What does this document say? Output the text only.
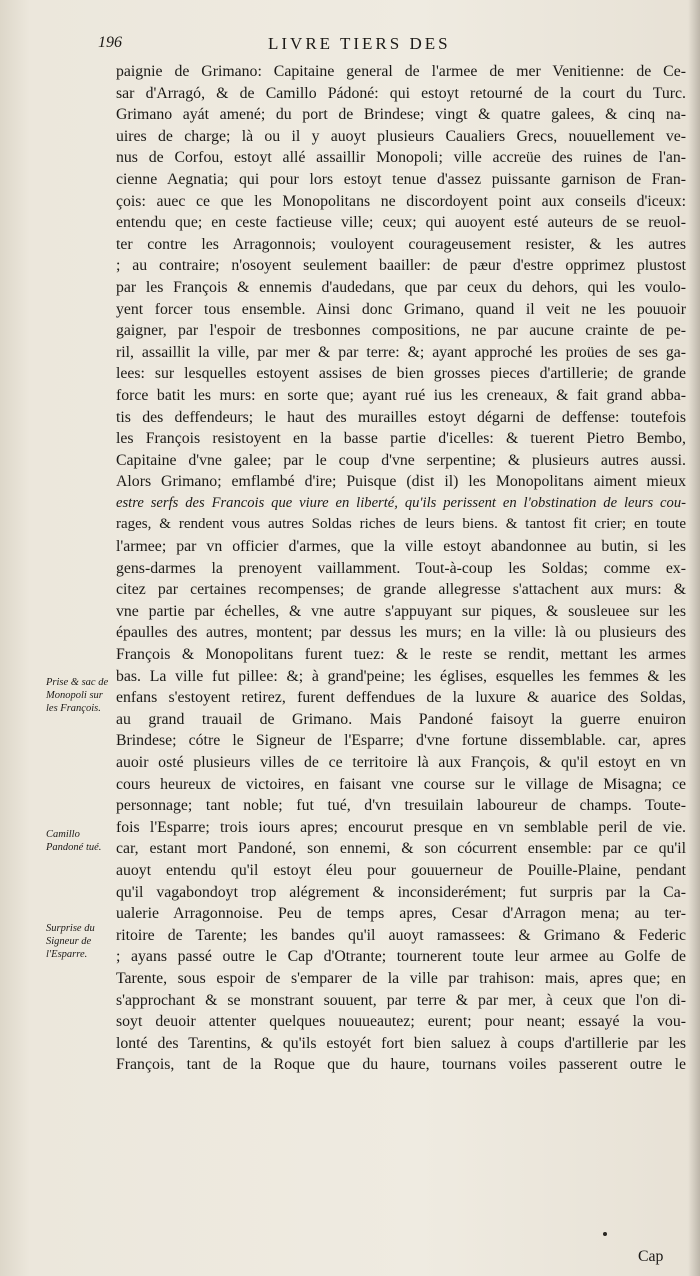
196	LIVRE TIERS DES
paignie de Grimano: Capitaine general de l'armee de mer Venitienne: de Ce-
sar d'Arragó, & de Camillo Pádoné: qui estoyt retourné de la court du Turc.
Grimano ayát amené; du port de Brindese; vingt & quatre galees, & cinq na-
uires de charge; là ou il y auoyt plusieurs Caualiers Grecs, nouuellement ve-
nus de Corfou, estoyt allé assaillir Monopoli; ville accreüe des ruines de l'an-
cienne Aegnatia; qui pour lors estoyt tenue d'assez puissante garnison de Fran-
çois: auec ce que les Monopolitans ne discordoyent point aux conseils d'iceux:
entendu que; en ceste factieuse ville; ceux; qui auoyent esté auteurs de se reuol-
ter contre les Arragonnois; vouloyent courageusement resister, & les autres
; au contraire; n'osoyent seulement baailler: de pæur d'estre opprimez plustost
par les François & ennemis d'audedans, que par ceux du dehors, qui les voulo-
yent forcer tous ensemble. Ainsi donc Grimano, quand il veit ne les pouuoir
gaigner, par l'espoir de tresbonnes compositions, ne par aucune crainte de pe-
ril, assaillit la ville, par mer & par terre: &; ayant approché les proües de ses ga-
lees: sur lesquelles estoyent assises de bien grosses pieces d'artillerie; de grande
force batit les murs: en sorte que; ayant rué ius les creneaux, & fait grand abba-
tis des deffendeurs; le haut des murailles estoyt dégarni de deffense: toutefois
les François resistoyent en la basse partie d'icelles: & tuerent Pietro Bembo,
Capitaine d'vne galee; par le coup d'vne serpentine; & plusieurs autres aussi.
Alors Grimano; emflambé d'ire; Puisque (dist il) les Monopolitans aiment mieux
estre serfs des Francois que viure en liberté, qu'ils perissent en l'obstination de leurs cou-
rages, & rendent vous autres Soldas riches de leurs biens. & tantost fit crier; en toute
l'armee; par vn officier d'armes, que la ville estoyt abandonnee au butin, si les
gens-darmes la prenoyent vaillamment. Tout-à-coup les Soldas; comme ex-
citez par certaines recompenses; de grande allegresse s'attachent aux murs: &
vne partie par échelles, & vne autre s'appuyant sur piques, & sousleuee sur les
épaulles des autres, montent; par dessus les murs; en la ville: là ou plusieurs des
François & Monopolitans furent tuez: & le reste se rendit, mettant les armes
bas. La ville fut pillee: &; à grand'peine; les églises, esquelles les femmes & les
enfans s'estoyent retirez, furent deffendues de la luxure & auarice des Soldas,
au grand trauail de Grimano. Mais Pandoné faisoyt la guerre enuiron
Brindese; cótre le Signeur de l'Esparre; d'vne fortune dissemblable. car, apres
auoir osté plusieurs villes de ce territoire là aux François, & qu'il estoyt en vn
cours heureux de victoires, en faisant vne course sur le village de Misagna; ce
personnage; tant noble; fut tué, d'vn tresuilain laboureur de champs. Toute-
fois l'Esparre; trois iours apres; encourut presque en vn semblable peril de vie.
car, estant mort Pandoné, son ennemi, & son cócurrent ensemble: par ce qu'il
auoyt entendu qu'il estoyt éleu pour gouuerneur de Pouille-Plaine, pendant
qu'il vagabondoyt trop alégrement & inconsiderément; fut surpris par la Ca-
ualerie Arragonnoise. Peu de temps apres, Cesar d'Arragon mena; au ter-
ritoire de Tarente; les bandes qu'il auoyt ramassees: & Grimano & Federic
; ayans passé outre le Cap d'Otrante; tournerent toute leur armee au Golfe de
Tarente, sous espoir de s'emparer de la ville par trahison: mais, apres que; en
s'approchant & se monstrant souuent, par terre & par mer, à ceux que l'on di-
soyt deuoir attenter quelques nouueautez; eurent; pour neant; essayé la vou-
lonté des Tarentins, & qu'ils estoyét fort bien saluez à coups d'artillerie par les
François, tant de la Roque que du haure, tournans voiles passerent outre le
Prise & sac de Monopoli sur les François.
Camillo Pandoné tué.
Surprise du Signeur de l'Esparre.
Cap
